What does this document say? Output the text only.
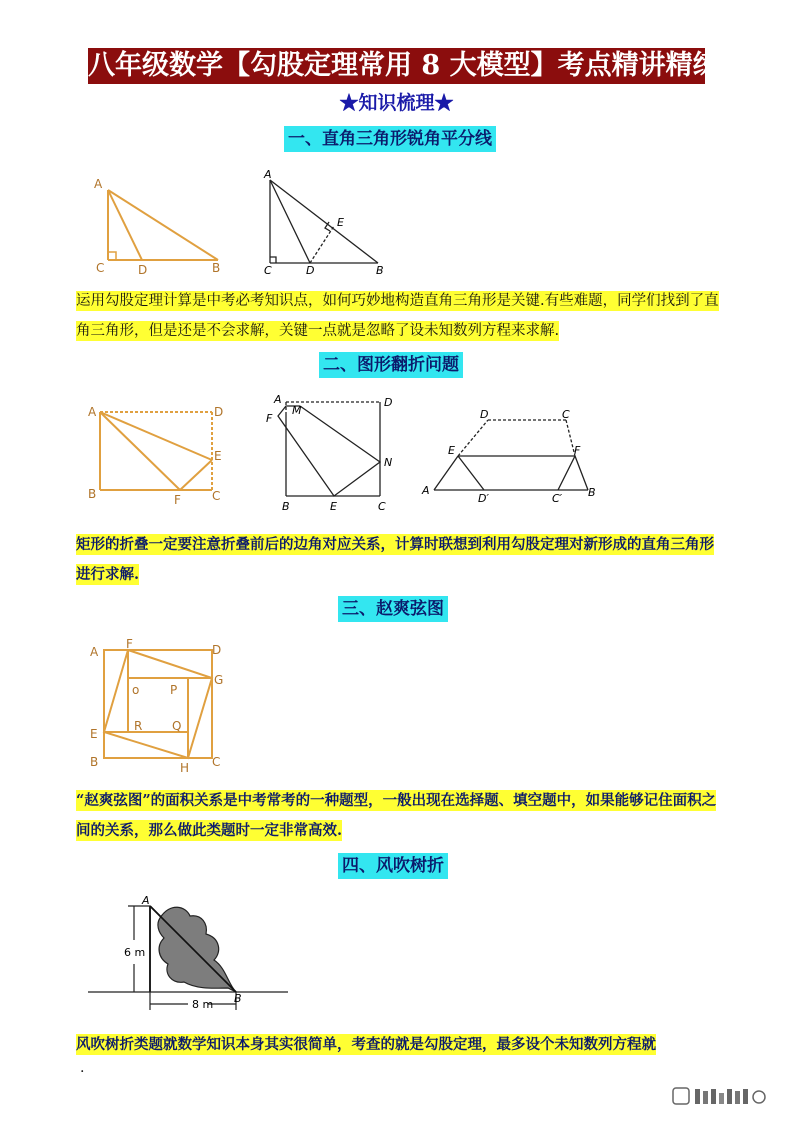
八年级数学【勾股定理常用 8 大模型】考点精讲精练
★知识梳理★
一、直角三角形锐角平分线
A
C	D	B
A
E
C	D	B
运用勾股定理计算是中考必考知识点，如何巧妙地构造直角三角形是关键.有些难题，同学们找到了直角三角形，但是还是不会求解，关键一点就是忽略了设未知数列方程来求解.
二、图形翻折问题
A	D
E
B	F	C
A
M
D
F
N
B	E	C
D	C
E	F
A
D′	C′ B
矩形的折叠一定要注意折叠前后的边角对应关系，计算时联想到利用勾股定理对新形成的直角三角形进行求解.
三、赵爽弦图
A
F	D
o	P
G
R Q
E
B	H C
“赵爽弦图”的面积关系是中考常考的一种题型，一般出现在选择题、填空题中，如果能够记住面积之间的关系，那么做此类题时一定非常高效.
四、风吹树折
A
B
6 m
8 m
风吹树折类题就数学知识本身其实很简单，考查的就是勾股定理，最多设个未知数列方程就
.
